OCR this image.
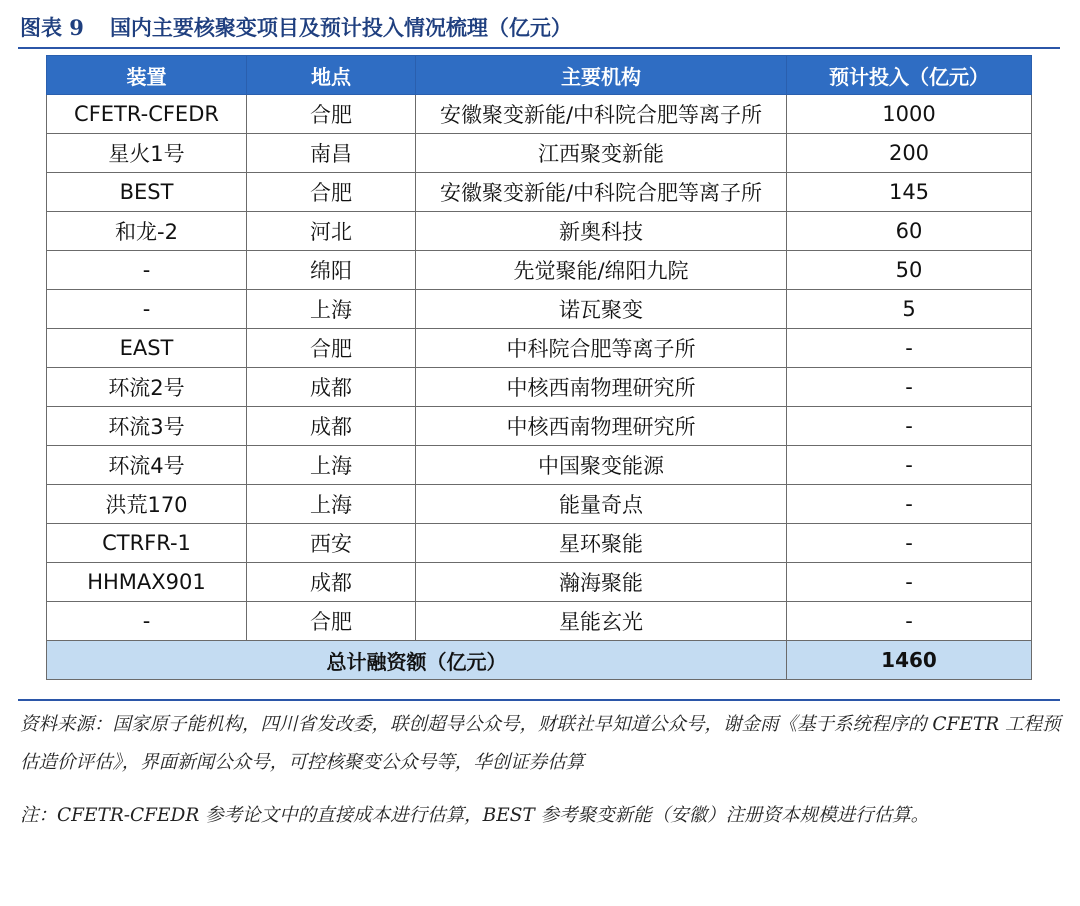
图表 9 国内主要核聚变项目及预计投入情况梳理（亿元）
装置	地点	主要机构	预计投入（亿元）
CFETR-CFEDR	合肥	安徽聚变新能/中科院合肥等离子所	1000
星火1号	南昌	江西聚变新能	200
BEST	合肥	安徽聚变新能/中科院合肥等离子所	145
和龙-2	河北	新奥科技	60
-	绵阳	先觉聚能/绵阳九院	50
-	上海	诺瓦聚变	5
EAST	合肥	中科院合肥等离子所	-
环流2号	成都	中核西南物理研究所	-
环流3号	成都	中核西南物理研究所	-
环流4号	上海	中国聚变能源	-
洪荒170	上海	能量奇点	-
CTRFR-1	西安	星环聚能	-
HHMAX901	成都	瀚海聚能	-
-	合肥	星能玄光	-
总计融资额（亿元）			1460
资料来源：国家原子能机构，四川省发改委，联创超导公众号，财联社早知道公众号，谢金雨《基于系统程序的 CFETR 工程预估造价评估》，界面新闻公众号，可控核聚变公众号等，华创证券估算
注：CFETR-CFEDR 参考论文中的直接成本进行估算，BEST 参考聚变新能（安徽）注册资本规模进行估算。
